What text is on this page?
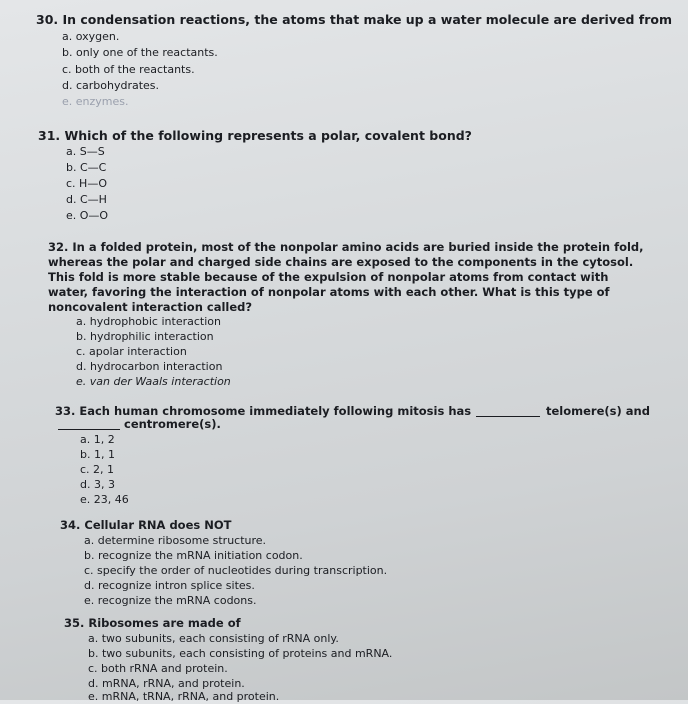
30. In condensation reactions, the atoms that make up a water molecule are derived from
a. oxygen.
b. only one of the reactants.
c. both of the reactants.
d. carbohydrates.
e. enzymes.
31. Which of the following represents a polar, covalent bond?
a. S—S
b. C—C
c. H—O
d. C—H
e. O—O
32. In a folded protein, most of the nonpolar amino acids are buried inside the protein fold,
whereas the polar and charged side chains are exposed to the components in the cytosol.
This fold is more stable because of the expulsion of nonpolar atoms from contact with
water, favoring the interaction of nonpolar atoms with each other. What is this type of
noncovalent interaction called?
a. hydrophobic interaction
b. hydrophilic interaction
c. apolar interaction
d. hydrocarbon interaction
e. van der Waals interaction
33. Each human chromosome immediately following mitosis has	telomere(s) and
centromere(s).
a. 1, 2
b. 1, 1
c. 2, 1
d. 3, 3
e. 23, 46
34. Cellular RNA does NOT
a. determine ribosome structure.
b. recognize the mRNA initiation codon.
c. specify the order of nucleotides during transcription.
d. recognize intron splice sites.
e. recognize the mRNA codons.
35. Ribosomes are made of
a. two subunits, each consisting of rRNA only.
b. two subunits, each consisting of proteins and mRNA.
c. both rRNA and protein.
d. mRNA, rRNA, and protein.
e. mRNA, tRNA, rRNA, and protein.
